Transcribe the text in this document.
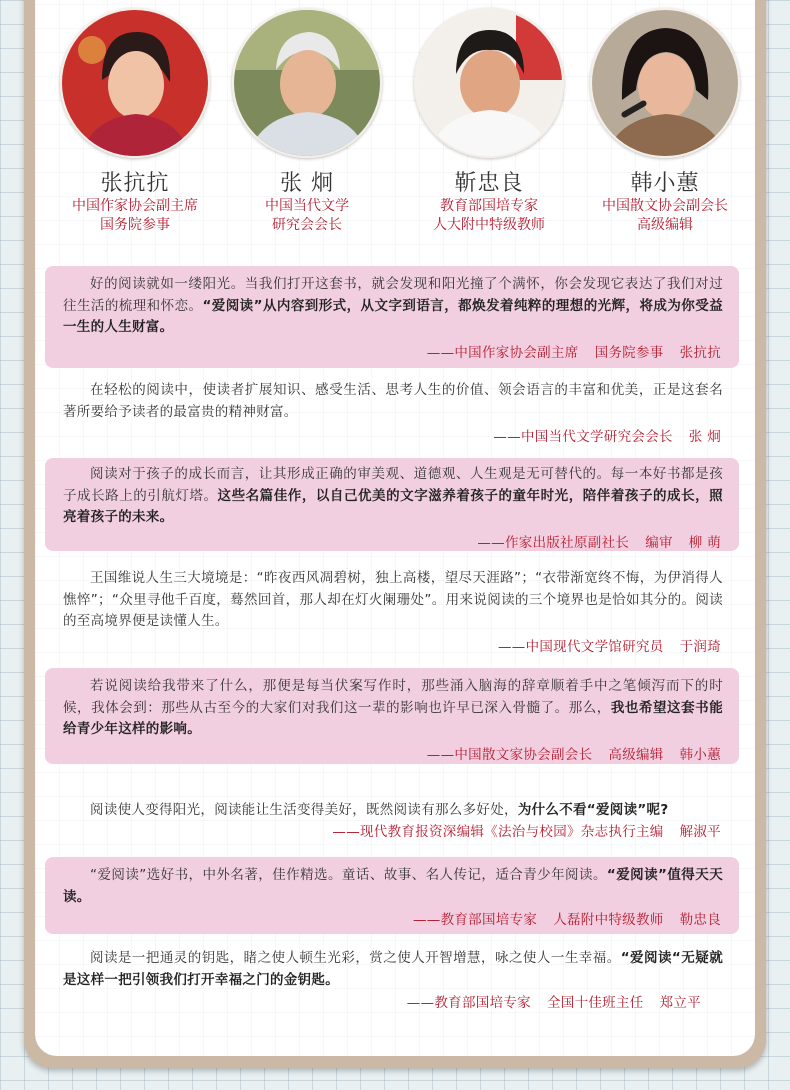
张抗抗
中国作家协会副主席
国务院参事
张 炯
中国当代文学
研究会会长
靳忠良
教育部国培专家
人大附中特级教师
韩小蕙
中国散文协会副会长
高级编辑

好的阅读就如一缕阳光。当我们打开这套书，就会发现和阳光撞了个满怀，你会发现它表达了我们对过往生活的梳理和怀恋。“爱阅读”从内容到形式，从文字到语言，都焕发着纯粹的理想的光辉，将成为你受益一生的人生财富。

——中国作家协会副主席 国务院参事 张抗抗

在轻松的阅读中，使读者扩展知识、感受生活、思考人生的价值、领会语言的丰富和优美，正是这套名著所要给予读者的最富贵的精神财富。

——中国当代文学研究会会长 张 炯

阅读对于孩子的成长而言，让其形成正确的审美观、道德观、人生观是无可替代的。每一本好书都是孩子成长路上的引航灯塔。这些名篇佳作，以自己优美的文字滋养着孩子的童年时光，陪伴着孩子的成长，照亮着孩子的未来。

——作家出版社原副社长 编审 柳 萌

王国维说人生三大境境是：“昨夜西风凋碧树，独上高楼，望尽天涯路”；“衣带渐宽终不悔，为伊消得人憔悴”；“众里寻他千百度，蓦然回首，那人却在灯火阑珊处”。用来说阅读的三个境界也是恰如其分的。阅读的至高境界便是读懂人生。

——中国现代文学馆研究员 于润琦

若说阅读给我带来了什么，那便是每当伏案写作时，那些涌入脑海的辞章顺着手中之笔倾泻而下的时候，我体会到：那些从古至今的大家们对我们这一辈的影响也许早已深入骨髓了。那么，我也希望这套书能给青少年这样的影响。

——中国散文家协会副会长 高级编辑 韩小蕙

阅读使人变得阳光，阅读能让生活变得美好，既然阅读有那么多好处，为什么不看“爱阅读”呢?

——现代教育报资深编辑《法治与校园》杂志执行主编 解淑平

“爱阅读”选好书，中外名著，佳作精选。童话、故事、名人传记，适合青少年阅读。“爱阅读”值得天天读。

——教育部国培专家 人磊附中特级教师 勒忠良

阅读是一把通灵的钥匙，睹之使人顿生光彩，赏之使人开智增慧，咏之使人一生幸福。“爱阅读“无疑就是这样一把引领我们打开幸福之门的金钥匙。

——教育部国培专家 全国十佳班主任 郑立平
